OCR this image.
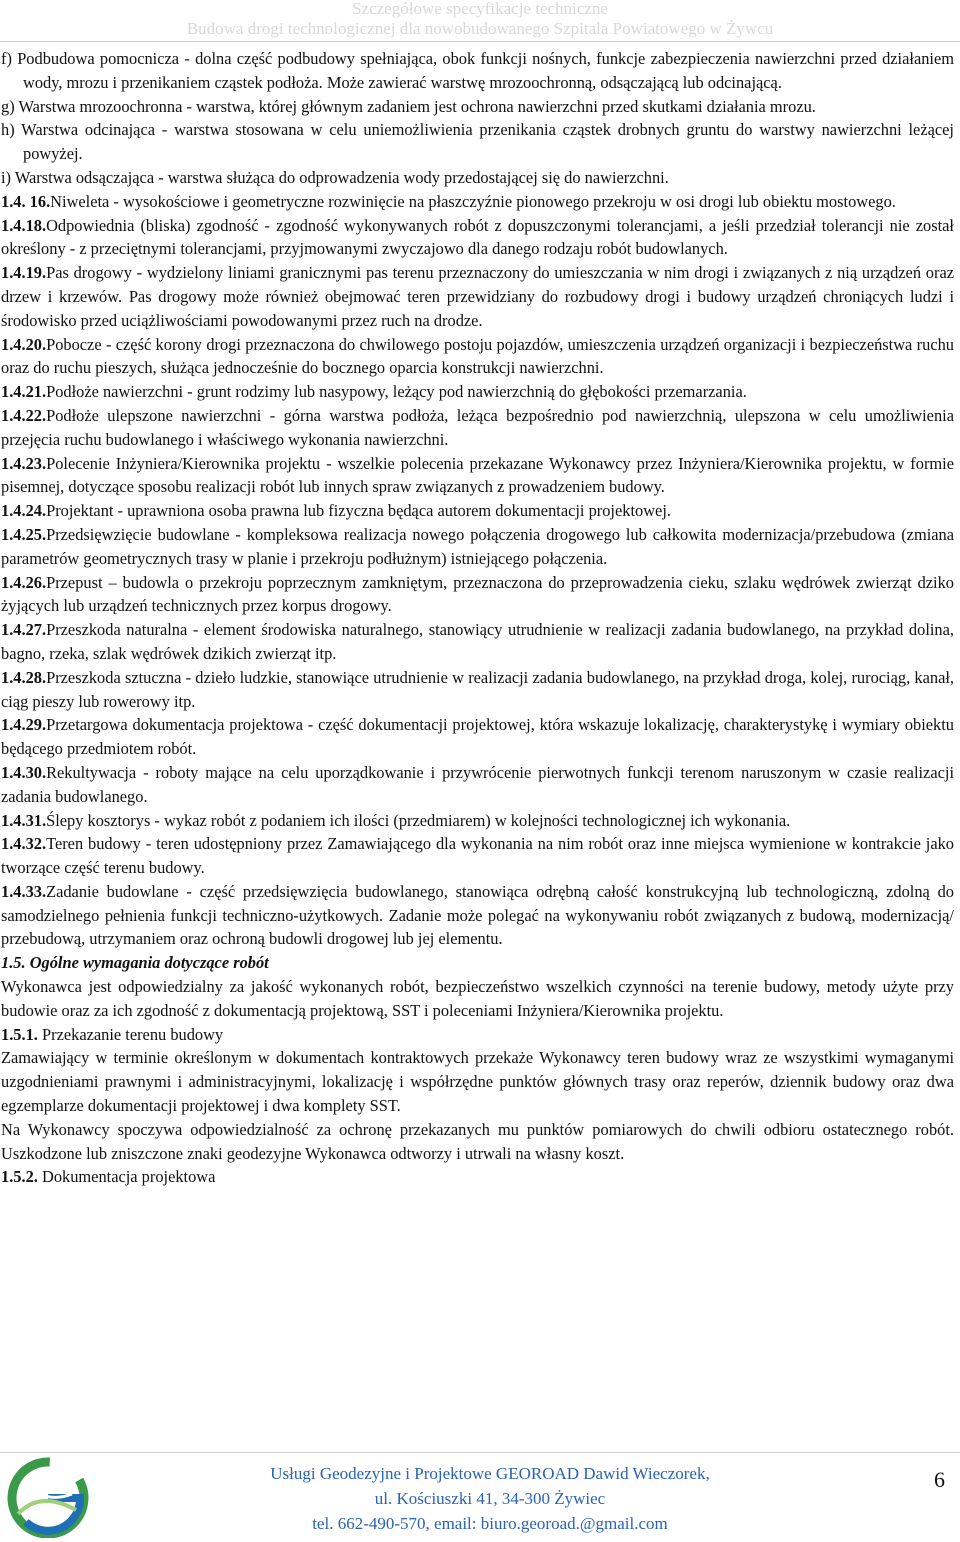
Szczegółowe specyfikacje techniczne
Budowa drogi technologicznej dla nowobudowanego Szpitala Powiatowego w Żywcu

f) Podbudowa pomocnicza - dolna część podbudowy spełniająca, obok funkcji nośnych, funkcje zabezpieczenia nawierzchni przed działaniem wody, mrozu i przenikaniem cząstek podłoża. Może zawierać warstwę mrozoochronną, odsączającą lub odcinającą.

g) Warstwa mrozoochronna - warstwa, której głównym zadaniem jest ochrona nawierzchni przed skutkami działania mrozu.

h) Warstwa odcinająca - warstwa stosowana w celu uniemożliwienia przenikania cząstek drobnych gruntu do warstwy nawierzchni leżącej powyżej.

i) Warstwa odsączająca - warstwa służąca do odprowadzenia wody przedostającej się do nawierzchni.

1.4. 16.Niweleta - wysokościowe i geometryczne rozwinięcie na płaszczyźnie pionowego przekroju w osi drogi lub obiektu mostowego.

1.4.18.Odpowiednia (bliska) zgodność - zgodność wykonywanych robót z dopuszczonymi tolerancjami, a jeśli przedział tolerancji nie został określony - z przeciętnymi tolerancjami, przyjmowanymi zwyczajowo dla danego rodzaju robót budowlanych.

1.4.19.Pas drogowy - wydzielony liniami granicznymi pas terenu przeznaczony do umieszczania w nim drogi i związanych z nią urządzeń oraz drzew i krzewów. Pas drogowy może również obejmować teren przewidziany do rozbudowy drogi i budowy urządzeń chroniących ludzi i środowisko przed uciążliwościami powodowanymi przez ruch na drodze.

1.4.20.Pobocze - część korony drogi przeznaczona do chwilowego postoju pojazdów, umieszczenia urządzeń organizacji i bezpieczeństwa ruchu oraz do ruchu pieszych, służąca jednocześnie do bocznego oparcia konstrukcji nawierzchni.

1.4.21.Podłoże nawierzchni - grunt rodzimy lub nasypowy, leżący pod nawierzchnią do głębokości przemarzania.

1.4.22.Podłoże ulepszone nawierzchni - górna warstwa podłoża, leżąca bezpośrednio pod nawierzchnią, ulepszona w celu umożliwienia przejęcia ruchu budowlanego i właściwego wykonania nawierzchni.

1.4.23.Polecenie Inżyniera/Kierownika projektu - wszelkie polecenia przekazane Wykonawcy przez Inżyniera/Kierownika projektu, w formie pisemnej, dotyczące sposobu realizacji robót lub innych spraw związanych z prowadzeniem budowy.

1.4.24.Projektant - uprawniona osoba prawna lub fizyczna będąca autorem dokumentacji projektowej.

1.4.25.Przedsięwzięcie budowlane - kompleksowa realizacja nowego połączenia drogowego lub całkowita modernizacja/przebudowa (zmiana parametrów geometrycznych trasy w planie i przekroju podłużnym) istniejącego połączenia.

1.4.26.Przepust – budowla o przekroju poprzecznym zamkniętym, przeznaczona do przeprowadzenia cieku, szlaku wędrówek zwierząt dziko żyjących lub urządzeń technicznych przez korpus drogowy.

1.4.27.Przeszkoda naturalna - element środowiska naturalnego, stanowiący utrudnienie w realizacji zadania budowlanego, na przykład dolina, bagno, rzeka, szlak wędrówek dzikich zwierząt itp.

1.4.28.Przeszkoda sztuczna - dzieło ludzkie, stanowiące utrudnienie w realizacji zadania budowlanego, na przykład droga, kolej, rurociąg, kanał, ciąg pieszy lub rowerowy itp.

1.4.29.Przetargowa dokumentacja projektowa - część dokumentacji projektowej, która wskazuje lokalizację, charakterystykę i wymiary obiektu będącego przedmiotem robót.

1.4.30.Rekultywacja - roboty mające na celu uporządkowanie i przywrócenie pierwotnych funkcji terenom naruszonym w czasie realizacji zadania budowlanego.

1.4.31.Ślepy kosztorys - wykaz robót z podaniem ich ilości (przedmiarem) w kolejności technologicznej ich wykonania.

1.4.32.Teren budowy - teren udostępniony przez Zamawiającego dla wykonania na nim robót oraz inne miejsca wymienione w kontrakcie jako tworzące część terenu budowy.

1.4.33.Zadanie budowlane - część przedsięwzięcia budowlanego, stanowiąca odrębną całość konstrukcyjną lub technologiczną, zdolną do samodzielnego pełnienia funkcji techniczno-użytkowych. Zadanie może polegać na wykonywaniu robót związanych z budową, modernizacją/ przebudową, utrzymaniem oraz ochroną budowli drogowej lub jej elementu.

1.5. Ogólne wymagania dotyczące robót

Wykonawca jest odpowiedzialny za jakość wykonanych robót, bezpieczeństwo wszelkich czynności na terenie budowy, metody użyte przy budowie oraz za ich zgodność z dokumentacją projektową, SST i poleceniami Inżyniera/Kierownika projektu.

1.5.1. Przekazanie terenu budowy

Zamawiający w terminie określonym w dokumentach kontraktowych przekaże Wykonawcy teren budowy wraz ze wszystkimi wymaganymi uzgodnieniami prawnymi i administracyjnymi, lokalizację i współrzędne punktów głównych trasy oraz reperów, dziennik budowy oraz dwa egzemplarze dokumentacji projektowej i dwa komplety SST.

Na Wykonawcy spoczywa odpowiedzialność za ochronę przekazanych mu punktów pomiarowych do chwili odbioru ostatecznego robót. Uszkodzone lub zniszczone znaki geodezyjne Wykonawca odtworzy i utrwali na własny koszt.

1.5.2. Dokumentacja projektowa

Usługi Geodezyjne i Projektowe GEOROAD Dawid Wieczorek,
ul. Kościuszki 41, 34-300 Żywiec
tel. 662-490-570, email: biuro.georoad.@gmail.com
6
